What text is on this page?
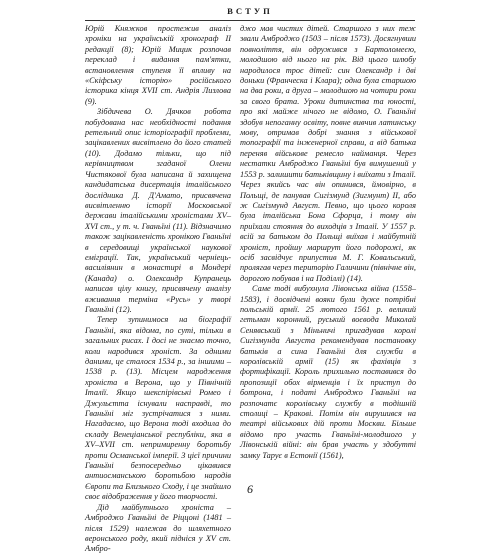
ВСТУП

Юрій Княжков простежив аналіз хроніки на українській хронограф II редакції (8); Юрій Мицик розпочав переклад і видання пам'ятки, встановлення ступеня її впливу на «Скіфську історію» російського історика кінця XVII ст. Андрія Лизлова (9).

Зібдичева О. Дячков робота побудована нас необхідності подання ретельний опис історіографії проблеми, зацікавлених висвітлено до його статей (10). Додамо тільки, що під керівництвом згаданої Олени Чистякової була написана й захищена кандидатська дисертація італійського дослідника Д. Д'Амато, присвячена висвітленню історії Московської держави італійськими хроністами XV–XVI ст., у т. ч. Гваньїні (11). Відзначимо також зацікавленість хронікою Гваньїні в середовищі української наукової еміграції. Так, український черніець-василіянин в монастирі в Мондері (Канада) о. Олександр Купранець написав цілу книгу, присвячену аналізу вживання терміна «Русь» у творі Гваньїні (12).

Тепер зупинимося на біографії Гваньїні, яка відома, по суті, тільки в загальних рисах. І досі не знаємо точно, коли народився хроніст. За одними даними, це сталося 1534 р., за іншими – 1538 р. (13). Місцем народження хроніста в Верона, що у Північній Італії. Якщо шекспірівські Ромео і Джульєтта існували насправді, то Гваньїні міг зустрічатися з ними. Нагадаємо, що Верона тоді входила до складу Венеціанської республіки, яка в XV–XVII ст. непримиренну боротьбу проти Османської імперії. З цієї причини Гваньїні безпосередньо цікавився антиосманською боротьбою народів Європи та Близького Сходу, і це знайшло своє відображення у його творчості.

Дід майбутнього хроніста – Амброджо Гваньїні де Ріццоні (1481 – після 1529) належав до шляхетного веронського роду, який підніся у XV ст. Амбро-

джо мав чистих дітей. Старшого з них теж звали Амброджо (1503 – після 1573). Досягнувши повноліття, він одружився з Бартоломеєю, молодшою від нього на рік. Від цього шлюбу народилося троє дітей: син Олександр і дві доньки (Франческа і Клара); одна була старшою на два роки, а друга – молодшою на чотири роки за свого брата. Уроки дитинства та юності, про які майже нічого не відомо, О. Гваньїні здобув непоганну освіту, повне вивчив латинську мову, отримав добрі знання з військової топографії та інженерної справи, а від батька переняв військове ремесло найманця. Через нестатки Амброджо Гваньїні був вимушений у 1553 р. залишити батьківщину і виїхати з Італії. Через якийсь час він опинився, ймовірно, в Польщі, де панував Сигізмунд (Зигмунт) II, або ж Сигізмунд Август. Певно, що цього короля була італійська Бона Сфорца, і тому він приїхали стояння до виходців з Італії. У 1557 р. всій за батьком до Польщі виїхав і майбутній хроніст, пройшу маршрут його подорожі, як осіб засвідчує припустив М. Г. Ковальський, пролягав через територію Галичини (північне він, дорогою побував і на Поділлі) (14).

Саме тоді вибухнула Лівонська війна (1558–1583), і досвідчені вояки були дуже потрібні польській армії. 25 лютого 1561 р. великий гетьман коронний, руський воєвода Миколай Сенявський з Міньничі пригадував королі Сигізмунда Августа рекомендував постановку батьків а сина Гваньїні для служби в королівській армії (15) як фахівців з фортифікації. Король прихильно поставився до пропозиції обох вірменців і їх приступ до ботрона, і податі Амброджо Гваньїні на розпочатє королівську службу в тодішній столиці – Кракові. Потім він вирушився на театрі військових дій проти Москви. Більше відомо про участь Гваньїні-молодшого у Лівонській війні: він брав участь у здобутті замку Тарує в Естонії (1561),

6
